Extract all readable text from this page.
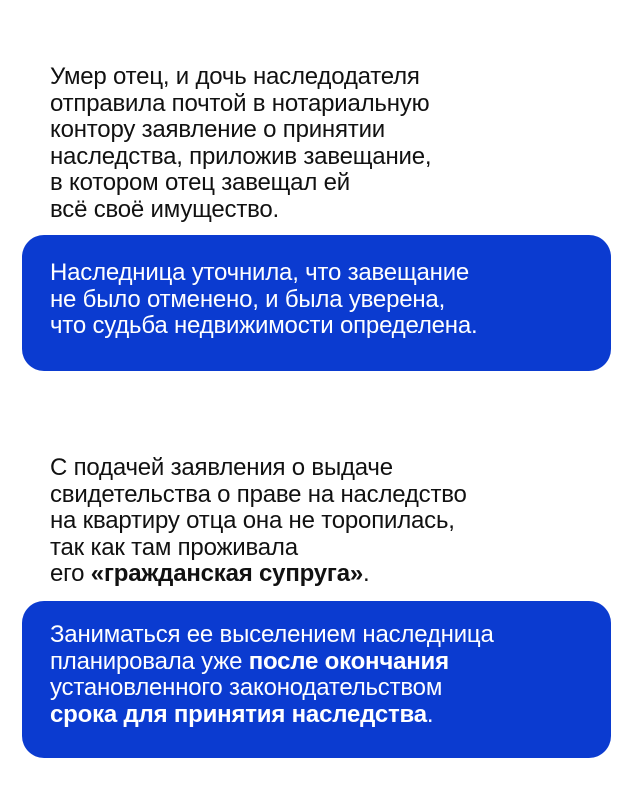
Умер отец, и дочь наследодателя
отправила почтой в нотариальную
контору заявление о принятии
наследства, приложив завещание,
в котором отец завещал ей
всё своё имущество.
Наследница уточнила, что завещание
не было отменено, и была уверена,
что судьба недвижимости определена.
С подачей заявления о выдаче
свидетельства о праве на наследство
на квартиру отца она не торопилась,
так как там проживала
его «гражданская супруга».
Заниматься ее выселением наследница
планировала уже после окончания
установленного законодательством
срока для принятия наследства.
